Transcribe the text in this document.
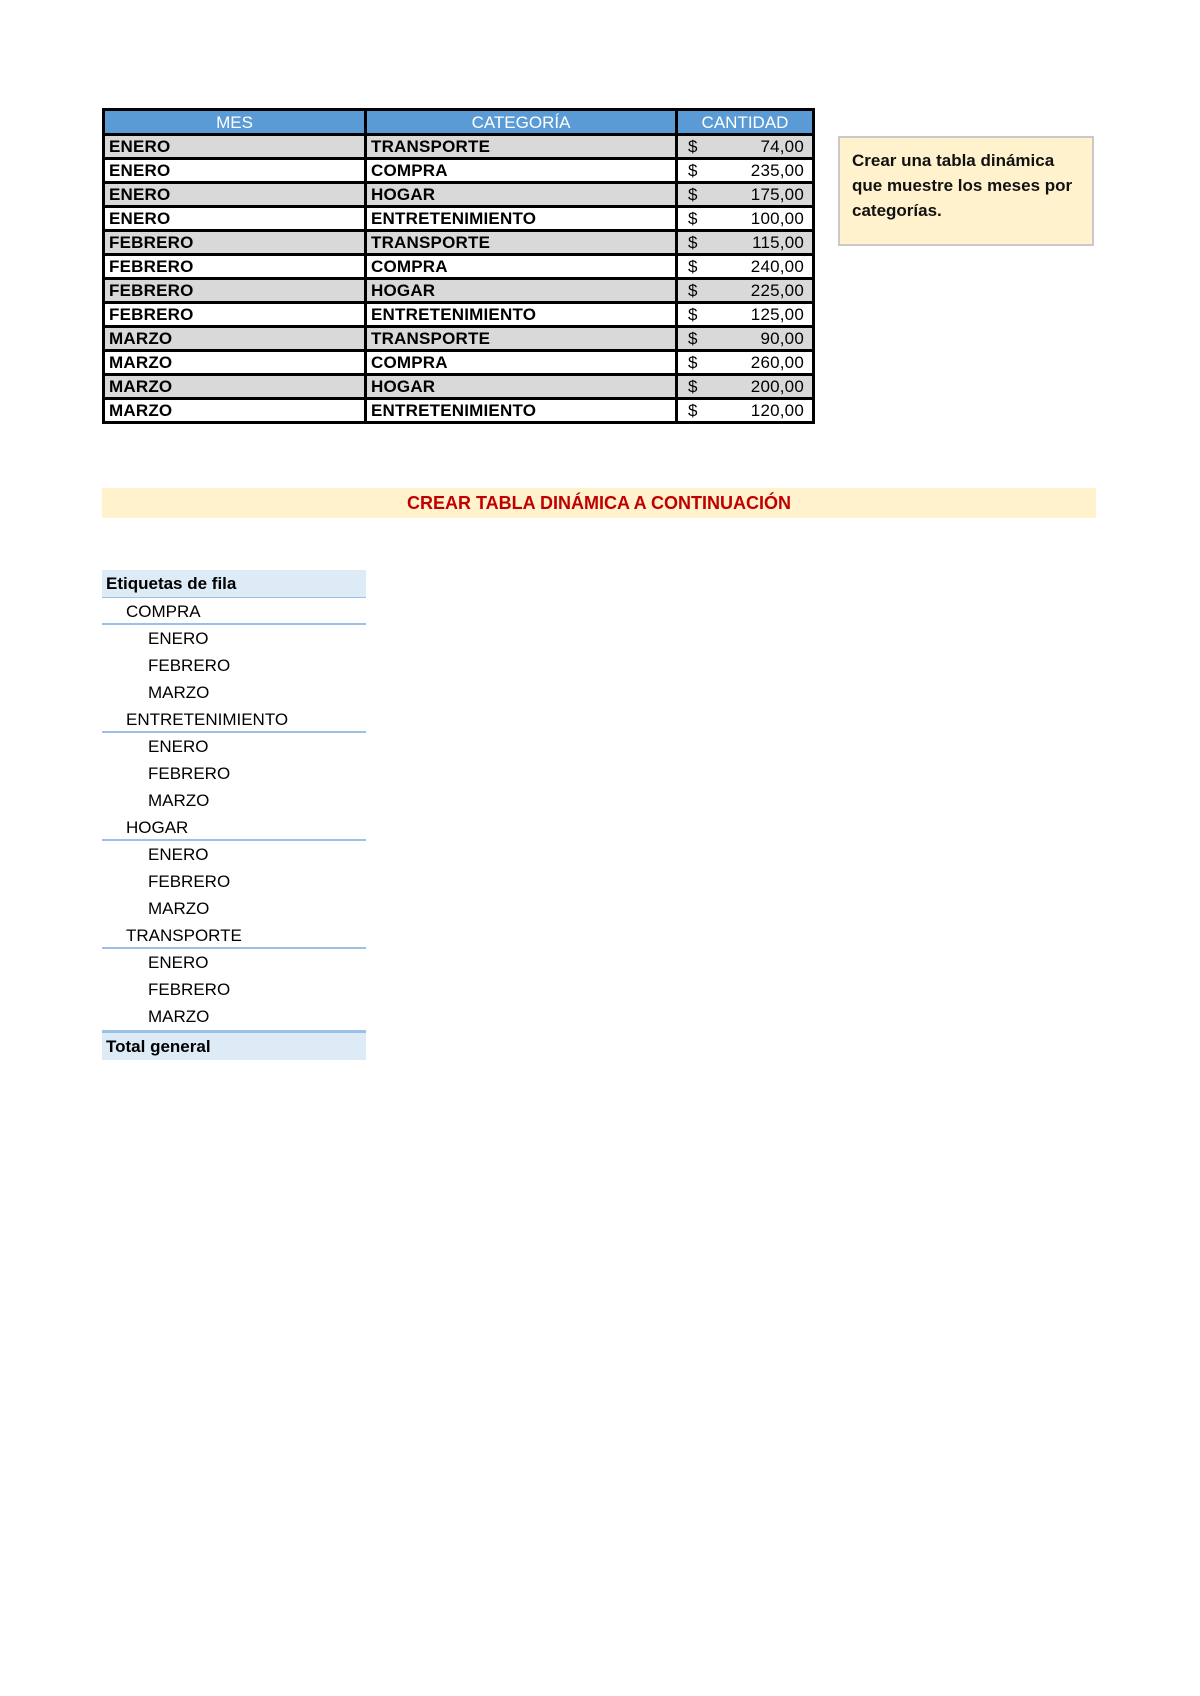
MES	CATEGORÍA	CANTIDAD
ENERO	TRANSPORTE	$ 74,00

ENERO	COMPRA	$ 235,00

ENERO	HOGAR	$ 175,00

ENERO	ENTRETENIMIENTO	$ 100,00

FEBRERO	TRANSPORTE	$ 115,00

FEBRERO	COMPRA	$ 240,00

FEBRERO	HOGAR	$ 225,00

FEBRERO	ENTRETENIMIENTO	$ 125,00

MARZO	TRANSPORTE	$ 90,00

MARZO	COMPRA	$ 260,00

MARZO	HOGAR	$ 200,00

MARZO	ENTRETENIMIENTO	$ 120,00
Crear una tabla dinámica que muestre los meses por categorías.
CREAR TABLA DINÁMICA A CONTINUACIÓN
Etiquetas de fila
COMPRA
ENERO
FEBRERO
MARZO
ENTRETENIMIENTO
ENERO
FEBRERO
MARZO
HOGAR
ENERO
FEBRERO
MARZO
TRANSPORTE
ENERO
FEBRERO
MARZO
Total general
